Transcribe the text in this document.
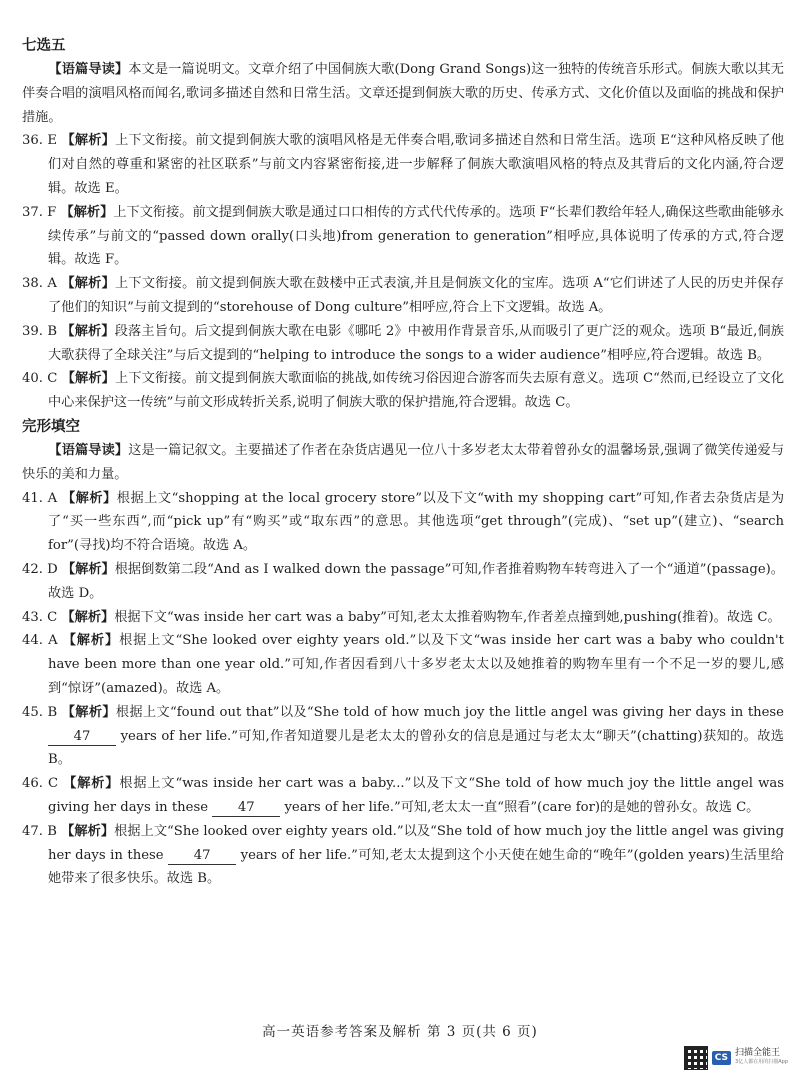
七选五

【语篇导读】本文是一篇说明文。文章介绍了中国侗族大歌(Dong Grand Songs)这一独特的传统音乐形式。侗族大歌以其无伴奏合唱的演唱风格而闻名,歌词多描述自然和日常生活。文章还提到侗族大歌的历史、传承方式、文化价值以及面临的挑战和保护措施。

36. E 【解析】上下文衔接。前文提到侗族大歌的演唱风格是无伴奏合唱,歌词多描述自然和日常生活。选项 E“这种风格反映了他们对自然的尊重和紧密的社区联系”与前文内容紧密衔接,进一步解释了侗族大歌演唱风格的特点及其背后的文化内涵,符合逻辑。故选 E。

37. F 【解析】上下文衔接。前文提到侗族大歌是通过口口相传的方式代代传承的。选项 F“长辈们教给年轻人,确保这些歌曲能够永续传承”与前文的“passed down orally(口头地)from generation to generation”相呼应,具体说明了传承的方式,符合逻辑。故选 F。

38. A 【解析】上下文衔接。前文提到侗族大歌在鼓楼中正式表演,并且是侗族文化的宝库。选项 A“它们讲述了人民的历史并保存了他们的知识”与前文提到的“storehouse of Dong culture”相呼应,符合上下文逻辑。故选 A。

39. B 【解析】段落主旨句。后文提到侗族大歌在电影《哪吒 2》中被用作背景音乐,从而吸引了更广泛的观众。选项 B“最近,侗族大歌获得了全球关注”与后文提到的“helping to introduce the songs to a wider audience”相呼应,符合逻辑。故选 B。

40. C 【解析】上下文衔接。前文提到侗族大歌面临的挑战,如传统习俗因迎合游客而失去原有意义。选项 C“然而,已经设立了文化中心来保护这一传统”与前文形成转折关系,说明了侗族大歌的保护措施,符合逻辑。故选 C。

完形填空

【语篇导读】这是一篇记叙文。主要描述了作者在杂货店遇见一位八十多岁老太太带着曾孙女的温馨场景,强调了微笑传递爱与快乐的美和力量。

41. A 【解析】根据上文“shopping at the local grocery store”以及下文“with my shopping cart”可知,作者去杂货店是为了“买一些东西”,而“pick up”有“购买”或“取东西”的意思。其他选项“get through”(完成)、“set up”(建立)、“search for”(寻找)均不符合语境。故选 A。

42. D 【解析】根据倒数第二段“And as I walked down the passage”可知,作者推着购物车转弯进入了一个“通道”(passage)。故选 D。

43. C 【解析】根据下文“was inside her cart was a baby”可知,老太太推着购物车,作者差点撞到她,pushing(推着)。故选 C。

44. A 【解析】根据上文“She looked over eighty years old.”以及下文“was inside her cart was a baby who couldn't have been more than one year old.”可知,作者因看到八十多岁老太太以及她推着的购物车里有一个不足一岁的婴儿,感到“惊讶”(amazed)。故选 A。

45. B 【解析】根据上文“found out that”以及“She told of how much joy the little angel was giving her days in these 47 years of her life.”可知,作者知道婴儿是老太太的曾孙女的信息是通过与老太太“聊天”(chatting)获知的。故选 B。

46. C 【解析】根据上文“was inside her cart was a baby...”以及下文“She told of how much joy the little angel was giving her days in these 47 years of her life.”可知,老太太一直“照看”(care for)的是她的曾孙女。故选 C。

47. B 【解析】根据上文“She looked over eighty years old.”以及“She told of how much joy the little angel was giving her days in these 47 years of her life.”可知,老太太提到这个小天使在她生命的“晚年”(golden years)生活里给她带来了很多快乐。故选 B。

高一英语参考答案及解析 第 3 页(共 6 页)
CS 扫描全能王
3亿人都在用的扫描App
